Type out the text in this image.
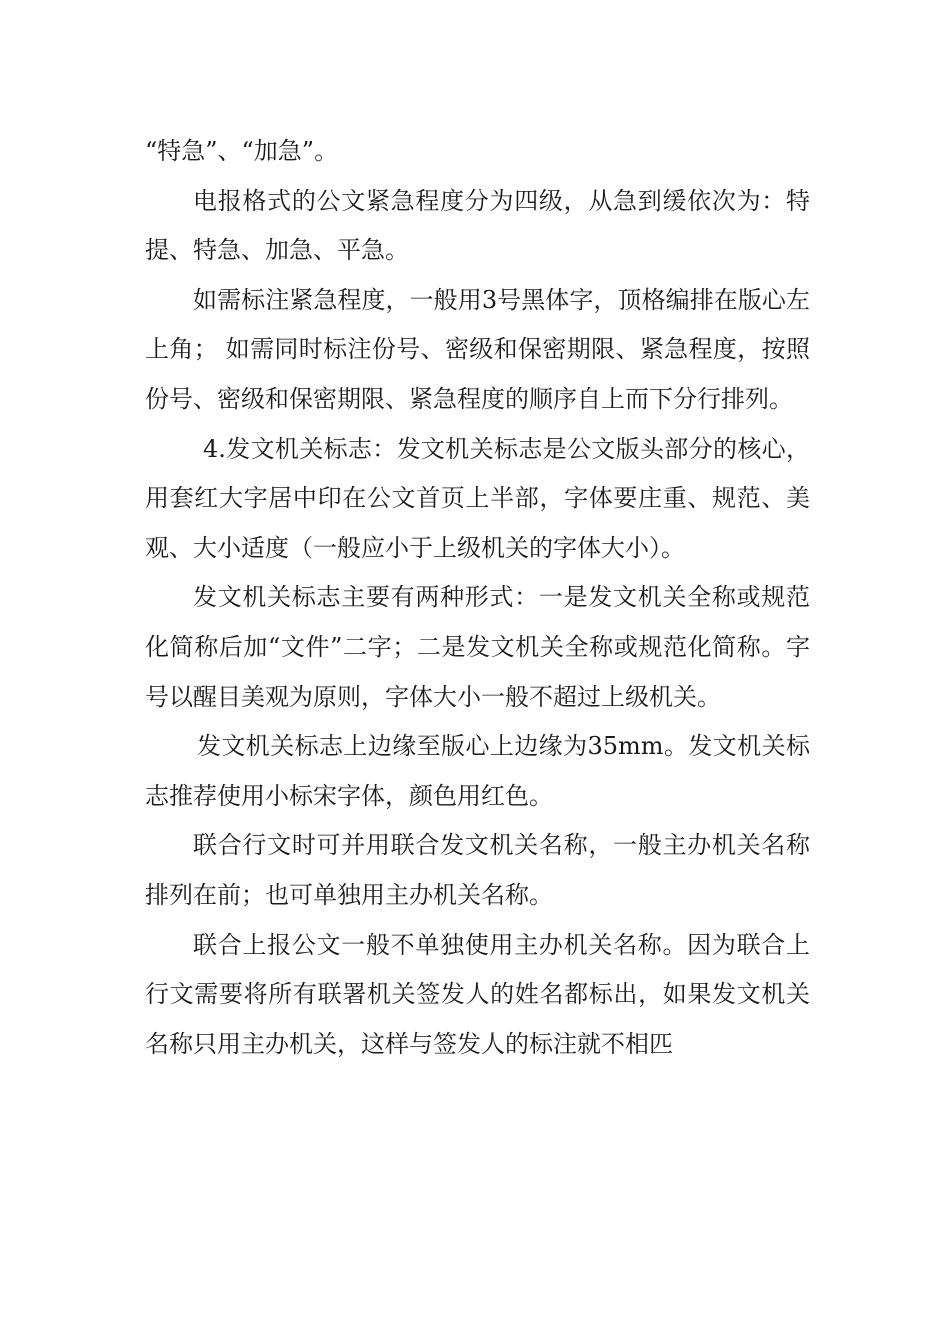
“特急”、“加急”。

电报格式的公文紧急程度分为四级，从急到缓依次为：特提、特急、加急、平急。

如需标注紧急程度，一般用3号黑体字，顶格编排在版心左上角； 如需同时标注份号、密级和保密期限、紧急程度，按照份号、密级和保密期限、紧急程度的顺序自上而下分行排列。

4.发文机关标志：发文机关标志是公文版头部分的核心，用套红大字居中印在公文首页上半部，字体要庄重、规范、美观、大小适度（一般应小于上级机关的字体大小）。

发文机关标志主要有两种形式：一是发文机关全称或规范化简称后加“文件”二字；二是发文机关全称或规范化简称。字号以醒目美观为原则，字体大小一般不超过上级机关。

发文机关标志上边缘至版心上边缘为35mm。发文机关标志推荐使用小标宋字体，颜色用红色。

联合行文时可并用联合发文机关名称，一般主办机关名称排列在前；也可单独用主办机关名称。

联合上报公文一般不单独使用主办机关名称。因为联合上行文需要将所有联署机关签发人的姓名都标出，如果发文机关名称只用主办机关，这样与签发人的标注就不相匹
